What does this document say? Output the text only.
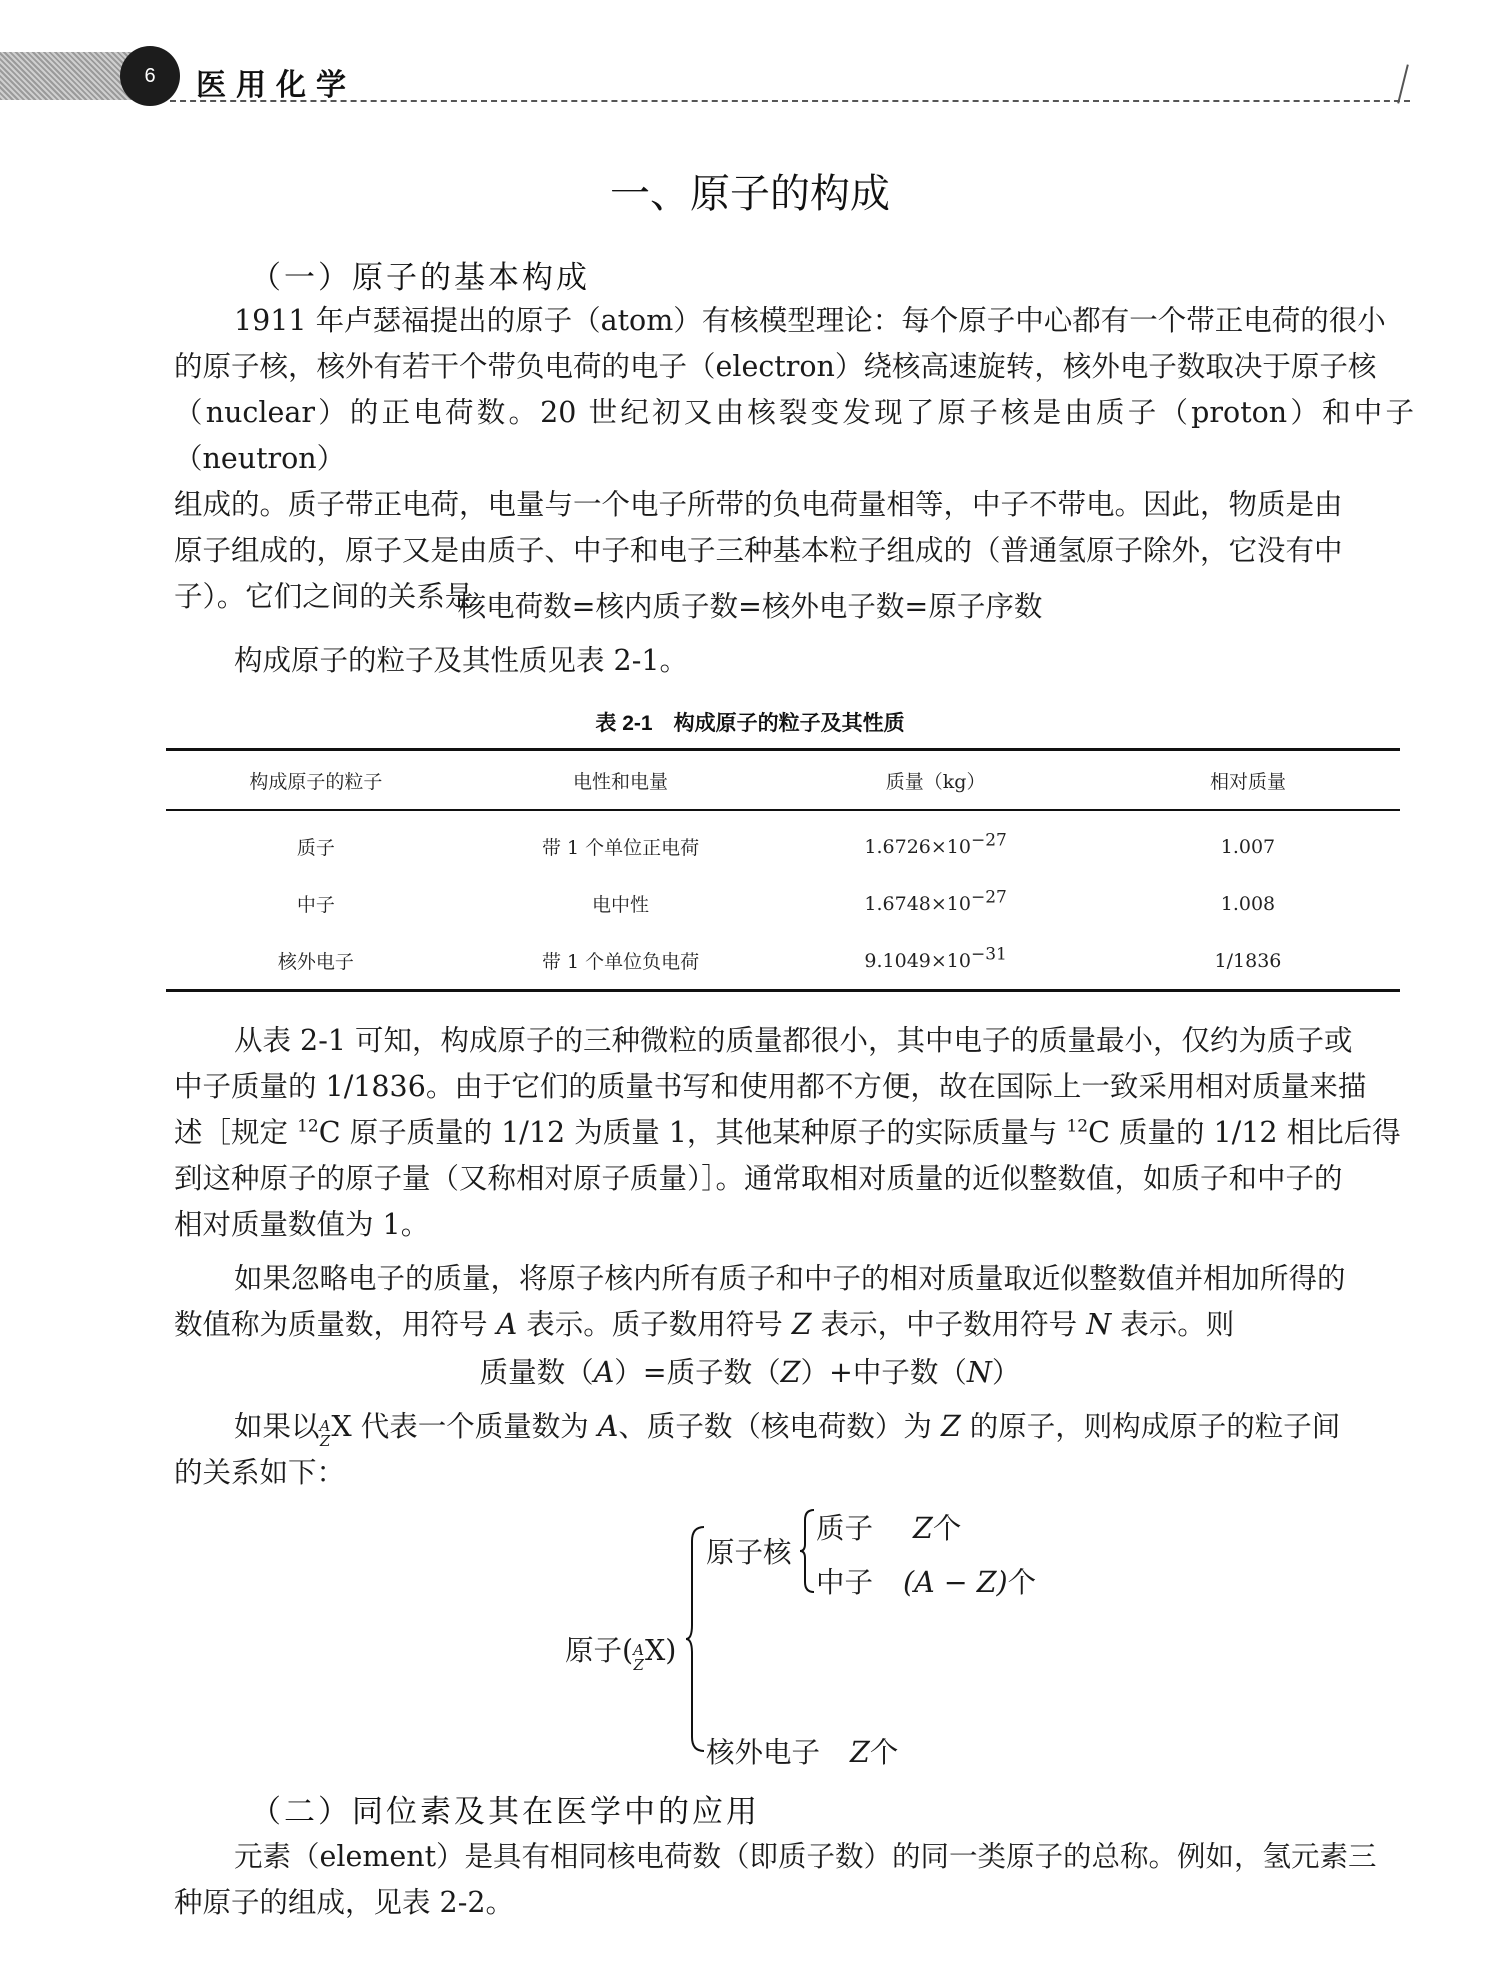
6	医用化学
一、原子的构成
（一）原子的基本构成
1911 年卢瑟福提出的原子（atom）有核模型理论：每个原子中心都有一个带正电荷的很小
的原子核，核外有若干个带负电荷的电子（electron）绕核高速旋转，核外电子数取决于原子核
（nuclear）的正电荷数。20 世纪初又由核裂变发现了原子核是由质子（proton）和中子（neutron）
组成的。质子带正电荷，电量与一个电子所带的负电荷量相等，中子不带电。因此，物质是由
原子组成的，原子又是由质子、中子和电子三种基本粒子组成的（普通氢原子除外，它没有中
子）。它们之间的关系是
核电荷数=核内质子数=核外电子数=原子序数
构成原子的粒子及其性质见表 2-1。
表 2-1　构成原子的粒子及其性质
构成原子的粒子	电性和电量	质量（kg）	相对质量
质子	带 1 个单位正电荷	$1.6726\times 10^{-27}$	1.007
中子	电中性	$1.6748\times 10^{-27}$	1.008
核外电子	带 1 个单位负电荷	$9.1049\times 10^{-31}$	1/1836
从表 2-1 可知，构成原子的三种微粒的质量都很小，其中电子的质量最小，仅约为质子或
中子质量的 1/1836。由于它们的质量书写和使用都不方便，故在国际上一致采用相对质量来描
述［规定 $^{12}$C 原子质量的 1/12 为质量 1，其他某种原子的实际质量与 $^{12}$C 质量的 1/12 相比后得
到这种原子的原子量（又称相对原子质量）］。通常取相对质量的近似整数值，如质子和中子的
相对质量数值为 1。
如果忽略电子的质量，将原子核内所有质子和中子的相对质量取近似整数值并相加所得的
数值称为质量数，用符号 A 表示。质子数用符号 Z 表示，中子数用符号 N 表示。则
质量数（A）=质子数（Z）+中子数（N）
如果以 A
Z X 代表一个质量数为 A、质子数（核电荷数）为 Z 的原子，则构成原子的粒子间
的关系如下：
原子( A
Z X)
原子核
质子 Z个
中子 (A − Z)个
核外电子 Z个
（二）同位素及其在医学中的应用
元素（element）是具有相同核电荷数（即质子数）的同一类原子的总称。例如，氢元素三
种原子的组成，见表 2-2。
